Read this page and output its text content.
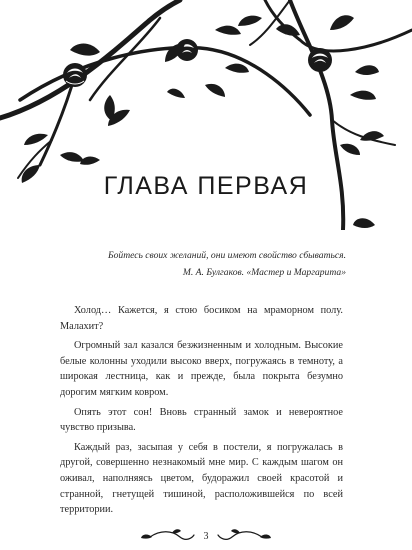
ГЛАВА ПЕРВАЯ
Бойтесь своих желаний, они имеют свойство сбываться.
М. А. Булгаков. «Мастер и Маргарита»

Холод… Кажется, я стою босиком на мраморном полу. Малахит?

Огромный зал казался безжизненным и холодным. Высокие белые колонны уходили высоко вверх, погружаясь в темноту, а широкая лестница, как и прежде, была покрыта безумно дорогим мягким ковром.

Опять этот сон! Вновь странный замок и невероятное чувство призыва.

Каждый раз, засыпая у себя в постели, я погружалась в другой, совершенно незнакомый мне мир. С каждым шагом он оживал, наполняясь цветом, будоражил своей красотой и странной, гнетущей тишиной, расположившейся по всей территории.

3
